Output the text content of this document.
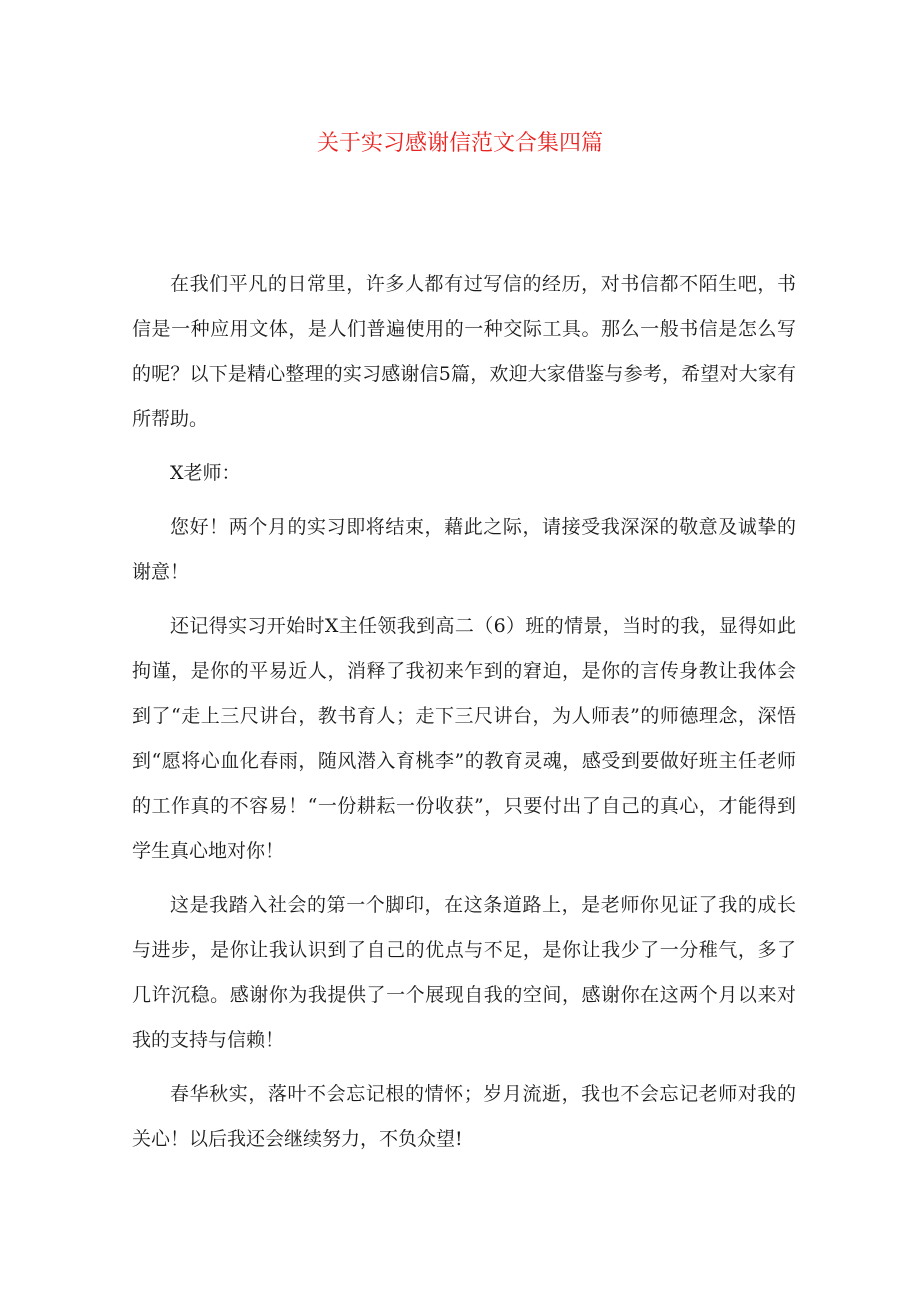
关于实习感谢信范文合集四篇

在我们平凡的日常里，许多人都有过写信的经历，对书信都不陌生吧，书信是一种应用文体，是人们普遍使用的一种交际工具。那么一般书信是怎么写的呢？以下是精心整理的实习感谢信5篇，欢迎大家借鉴与参考，希望对大家有所帮助。

X老师：

您好！两个月的实习即将结束，藉此之际，请接受我深深的敬意及诚挚的谢意！

还记得实习开始时X主任领我到高二（6）班的情景，当时的我，显得如此拘谨，是你的平易近人，消释了我初来乍到的窘迫，是你的言传身教让我体会到了“走上三尺讲台，教书育人；走下三尺讲台，为人师表”的师德理念，深悟到“愿将心血化春雨，随风潜入育桃李”的教育灵魂，感受到要做好班主任老师的工作真的不容易！“一份耕耘一份收获”，只要付出了自己的真心，才能得到学生真心地对你！

这是我踏入社会的第一个脚印，在这条道路上，是老师你见证了我的成长与进步，是你让我认识到了自己的优点与不足，是你让我少了一分稚气，多了几许沉稳。感谢你为我提供了一个展现自我的空间，感谢你在这两个月以来对我的支持与信赖！

春华秋实，落叶不会忘记根的情怀；岁月流逝，我也不会忘记老师对我的关心！以后我还会继续努力，不负众望!
